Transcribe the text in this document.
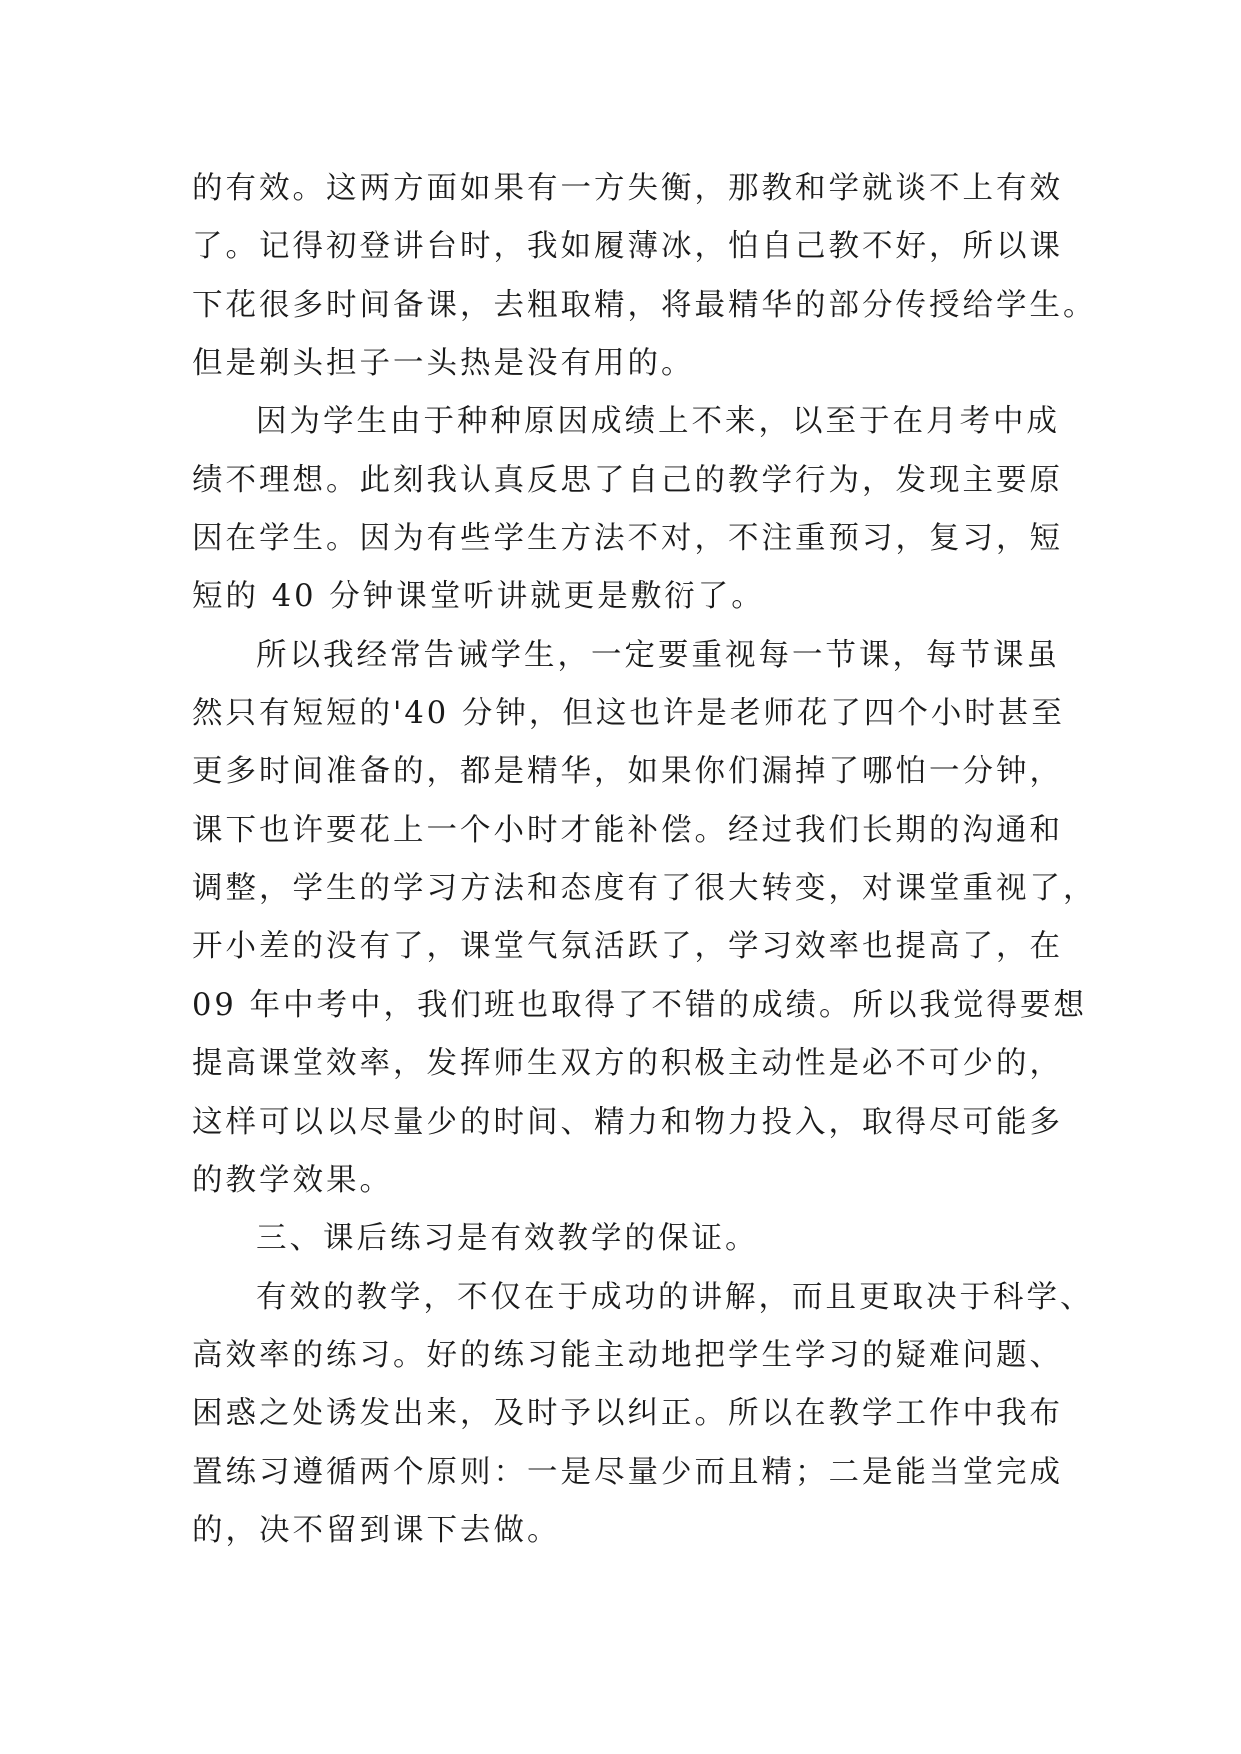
的有效。这两方面如果有一方失衡，那教和学就谈不上有效
了。记得初登讲台时，我如履薄冰，怕自己教不好，所以课
下花很多时间备课，去粗取精，将最精华的部分传授给学生。
但是剃头担子一头热是没有用的。
因为学生由于种种原因成绩上不来，以至于在月考中成
绩不理想。此刻我认真反思了自己的教学行为，发现主要原
因在学生。因为有些学生方法不对，不注重预习，复习，短
短的 40 分钟课堂听讲就更是敷衍了。
所以我经常告诫学生，一定要重视每一节课，每节课虽
然只有短短的'40 分钟，但这也许是老师花了四个小时甚至
更多时间准备的，都是精华，如果你们漏掉了哪怕一分钟，
课下也许要花上一个小时才能补偿。经过我们长期的沟通和
调整，学生的学习方法和态度有了很大转变，对课堂重视了，
开小差的没有了，课堂气氛活跃了，学习效率也提高了，在
09 年中考中，我们班也取得了不错的成绩。所以我觉得要想
提高课堂效率，发挥师生双方的积极主动性是必不可少的，
这样可以以尽量少的时间、精力和物力投入，取得尽可能多
的教学效果。
三、课后练习是有效教学的保证。
有效的教学，不仅在于成功的讲解，而且更取决于科学、
高效率的练习。好的练习能主动地把学生学习的疑难问题、
困惑之处诱发出来，及时予以纠正。所以在教学工作中我布
置练习遵循两个原则：一是尽量少而且精；二是能当堂完成
的，决不留到课下去做。
